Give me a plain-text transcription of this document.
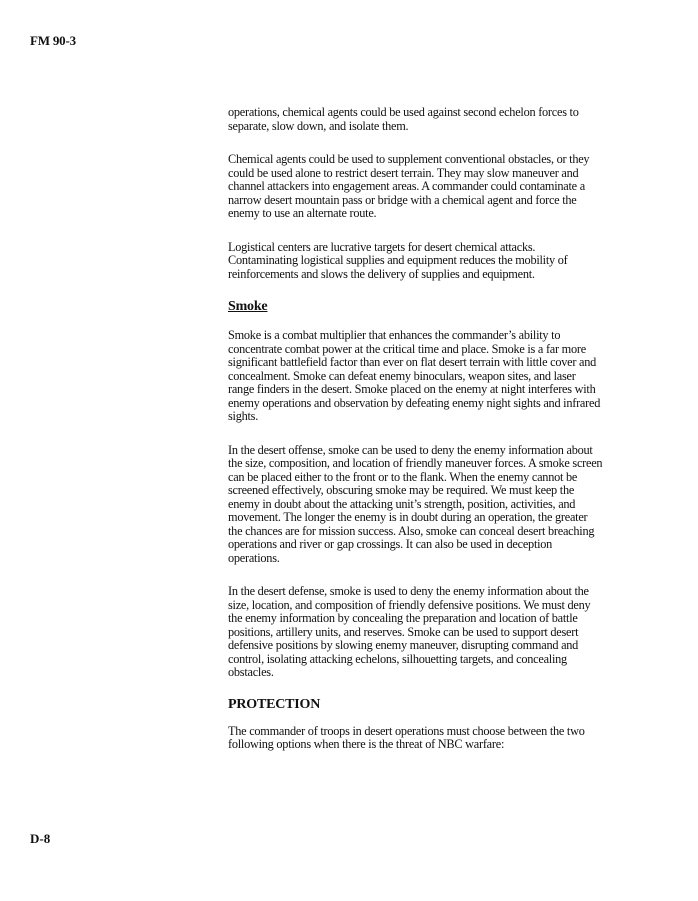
FM 90-3

operations, chemical agents could be used against second echelon forces to separate, slow down, and isolate them.

Chemical agents could be used to supplement conventional obstacles, or they could be used alone to restrict desert terrain. They may slow maneuver and channel attackers into engagement areas. A commander could contaminate a narrow desert mountain pass or bridge with a chemical agent and force the enemy to use an alternate route.

Logistical centers are lucrative targets for desert chemical attacks. Contaminating logistical supplies and equipment reduces the mobility of reinforcements and slows the delivery of supplies and equipment.

Smoke

Smoke is a combat multiplier that enhances the commander’s ability to concentrate combat power at the critical time and place. Smoke is a far more significant battlefield factor than ever on flat desert terrain with little cover and concealment. Smoke can defeat enemy binoculars, weapon sites, and laser range finders in the desert. Smoke placed on the enemy at night interferes with enemy operations and observation by defeating enemy night sights and infrared sights.

In the desert offense, smoke can be used to deny the enemy information about the size, composition, and location of friendly maneuver forces. A smoke screen can be placed either to the front or to the flank. When the enemy cannot be screened effectively, obscuring smoke may be required. We must keep the enemy in doubt about the attacking unit’s strength, position, activities, and movement. The longer the enemy is in doubt during an operation, the greater the chances are for mission success. Also, smoke can conceal desert breaching operations and river or gap crossings. It can also be used in deception operations.

In the desert defense, smoke is used to deny the enemy information about the size, location, and composition of friendly defensive positions. We must deny the enemy information by concealing the preparation and location of battle positions, artillery units, and reserves. Smoke can be used to support desert defensive positions by slowing enemy maneuver, disrupting command and control, isolating attacking echelons, silhouetting targets, and concealing obstacles.

PROTECTION

The commander of troops in desert operations must choose between the two following options when there is the threat of NBC warfare:

D-8
